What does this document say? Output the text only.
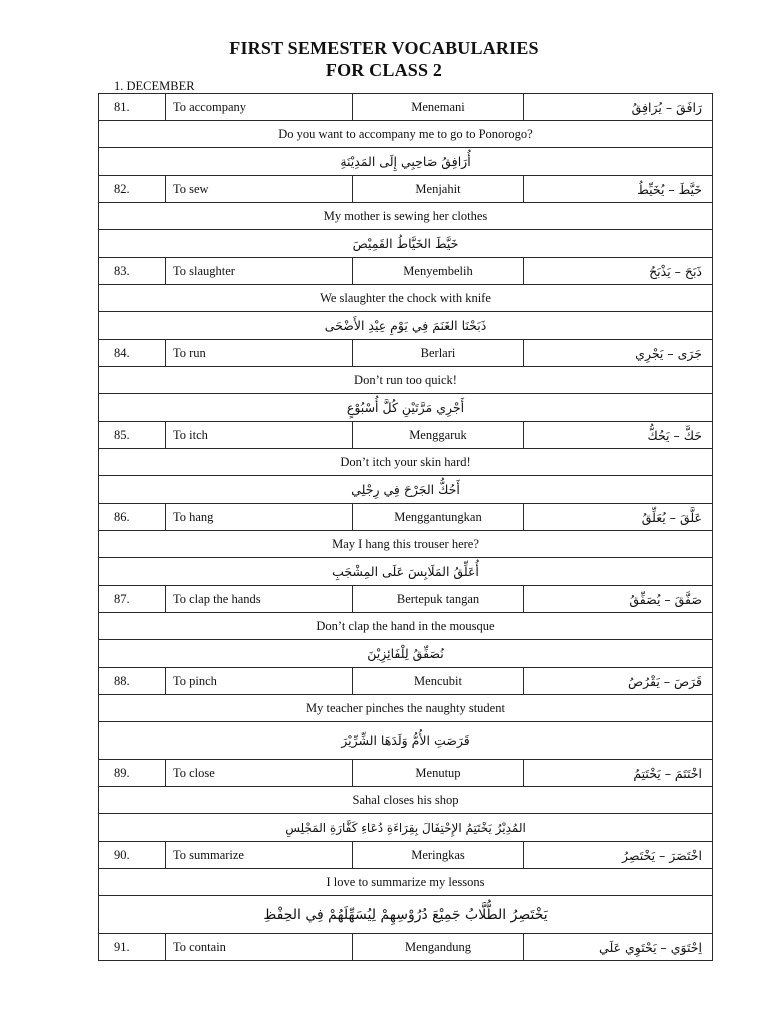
FIRST SEMESTER VOCABULARIES
FOR CLASS 2
1. DECEMBER
81.	To accompany	Menemani	رَافَقَ – يُرَافِقُ
Do you want to accompany me to go to Ponorogo?			
أُرَافِقُ صَاحِبِي إِلَى المَدِيْنَةِ			
82.	To sew	Menjahit	خَيَّطَ – يُخَيِّطُ
My mother is sewing her clothes			
خَيَّطَ الخَيَّاطُ القَمِيْصَ			
83.	To slaughter	Menyembelih	ذَبَحَ – يَذْبَحُ
We slaughter the chock with knife			
ذَبَحْنَا الغَنَمَ فِي يَوْمِ عِيْدِ الأَضْحَى			
84.	To run	Berlari	جَرَى – يَجْرِي
Don’t run too quick!			
أَجْرِي مَرَّتَيْنِ كُلَّ أُسْبُوْعٍ			
85.	To itch	Menggaruk	حَكَّ – يَحُكُّ
Don’t itch your skin hard!			
أَحُكُّ الجَرْحَ فِي رِجْلِي			
86.	To hang	Menggantungkan	عَلَّقَ – يُعَلِّقُ
May I hang this trouser here?			
أُعَلِّقُ المَلَابِسَ عَلَى المِشْجَبِ			
87.	To clap the hands	Bertepuk tangan	صَفَّقَ – يُصَفِّقُ
Don’t clap the hand in the mousque			
نُصَفِّقُ لِلْفَائِزِيْنَ			
88.	To pinch	Mencubit	قَرَصَ – يَقْرُصُ
My teacher pinches the naughty student			
قَرَصَتِ الأُمُّ وَلَدَهَا الشِّرِّيْرَ			
89.	To close	Menutup	اخْتَتَمَ – يَخْتَتِمُ
Sahal closes his shop			
المُدِيْرُ يَخْتَتِمُ الإِحْتِفَالَ بِقِرَاءَةِ دُعَاءِ كَفَّارَةِ المَجْلِسِ			
90.	To summarize	Meringkas	اخْتَصَرَ – يَخْتَصِرُ
I love to summarize my lessons			
يَخْتَصِرُ الطُّلَّابُ جَمِيْعَ دُرُوْسِهِمْ لِيُسَهِّلَهُمْ فِي الحِفْظِ			
91.	To contain	Mengandung	اِحْتَوَي – يَحْتَوِي عَلَي
